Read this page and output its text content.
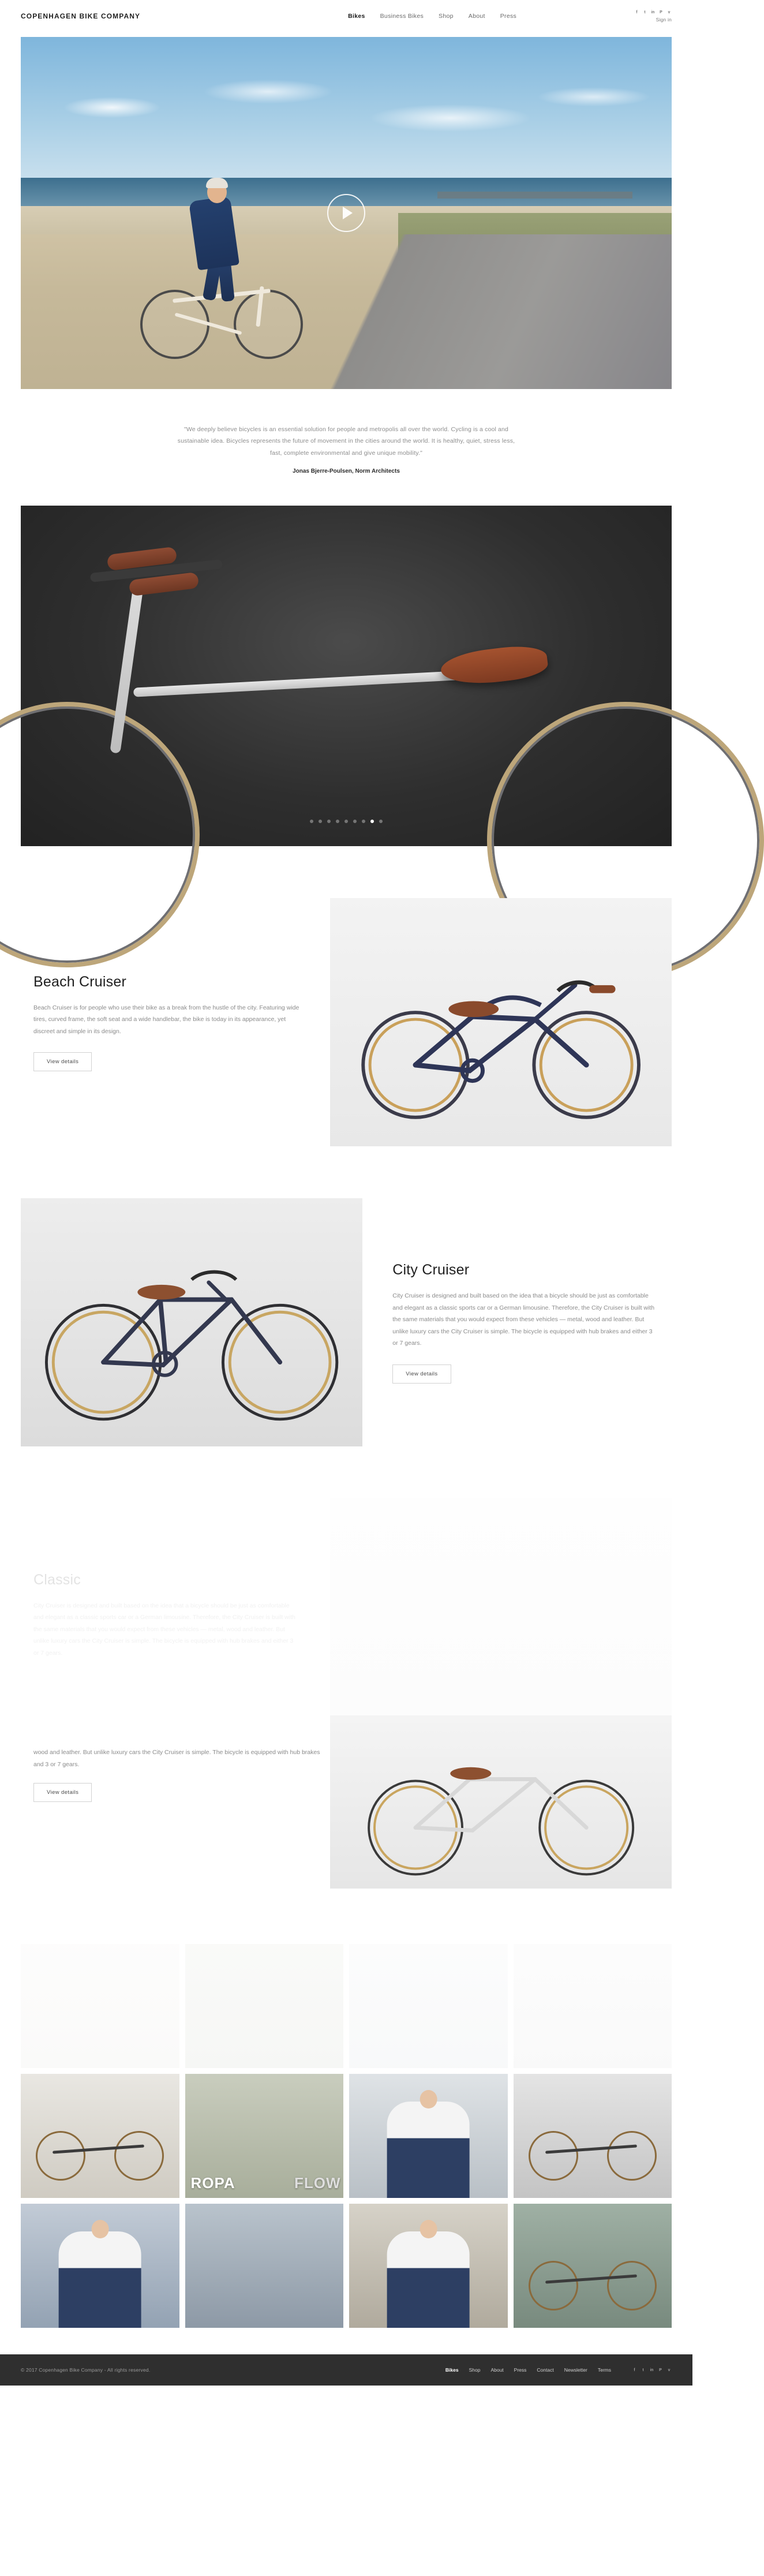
COPENHAGEN BIKE COMPANY	Bikes Business Bikes Shop About Press
f	t	in	P	v
Sign in

"We deeply believe bicycles is an essential solution for people and metropolis all over the world. Cycling is a cool and sustainable idea. Bicycles represents the future of movement in the cities around the world. It is healthy, quiet, stress less, fast, complete environmental and give unique mobility."

Jonas Bjerre-Poulsen, Norm Architects

Beach Cruiser

Beach Cruiser is for people who use their bike as a break from the hustle of the city. Featuring wide tires, curved frame, the soft seat and a wide handlebar, the bike is today in its appearance, yet discreet and simple in its design.

View details
City Cruiser

City Cruiser is designed and built based on the idea that a bicycle should be just as comfortable and elegant as a classic sports car or a German limousine. Therefore, the City Cruiser is built with the same materials that you would expect from these vehicles — metal, wood and leather. But unlike luxury cars the City Cruiser is simple. The bicycle is equipped with hub brakes and either 3 or 7 gears.

View details
Classic

City Cruiser is designed and built based on the idea that a bicycle should be just as comfortable and elegant as a classic sports car or a German limousine. Therefore, the City Cruiser is built with the same materials that you would expect from these vehicles — metal, wood and leather. But unlike luxury cars the City Cruiser is simple. The bicycle is equipped with hub brakes and either 3 or 7 gears.

wood and leather. But unlike luxury cars the City Cruiser is simple. The bicycle is equipped with hub brakes and 3 or 7 gears.

View details

ROPA	FLOW
© 2017 Copenhagen Bike Company - All rights reserved.	Bikes Shop About Press Contact Newsletter Terms	f	t	in	P	v
